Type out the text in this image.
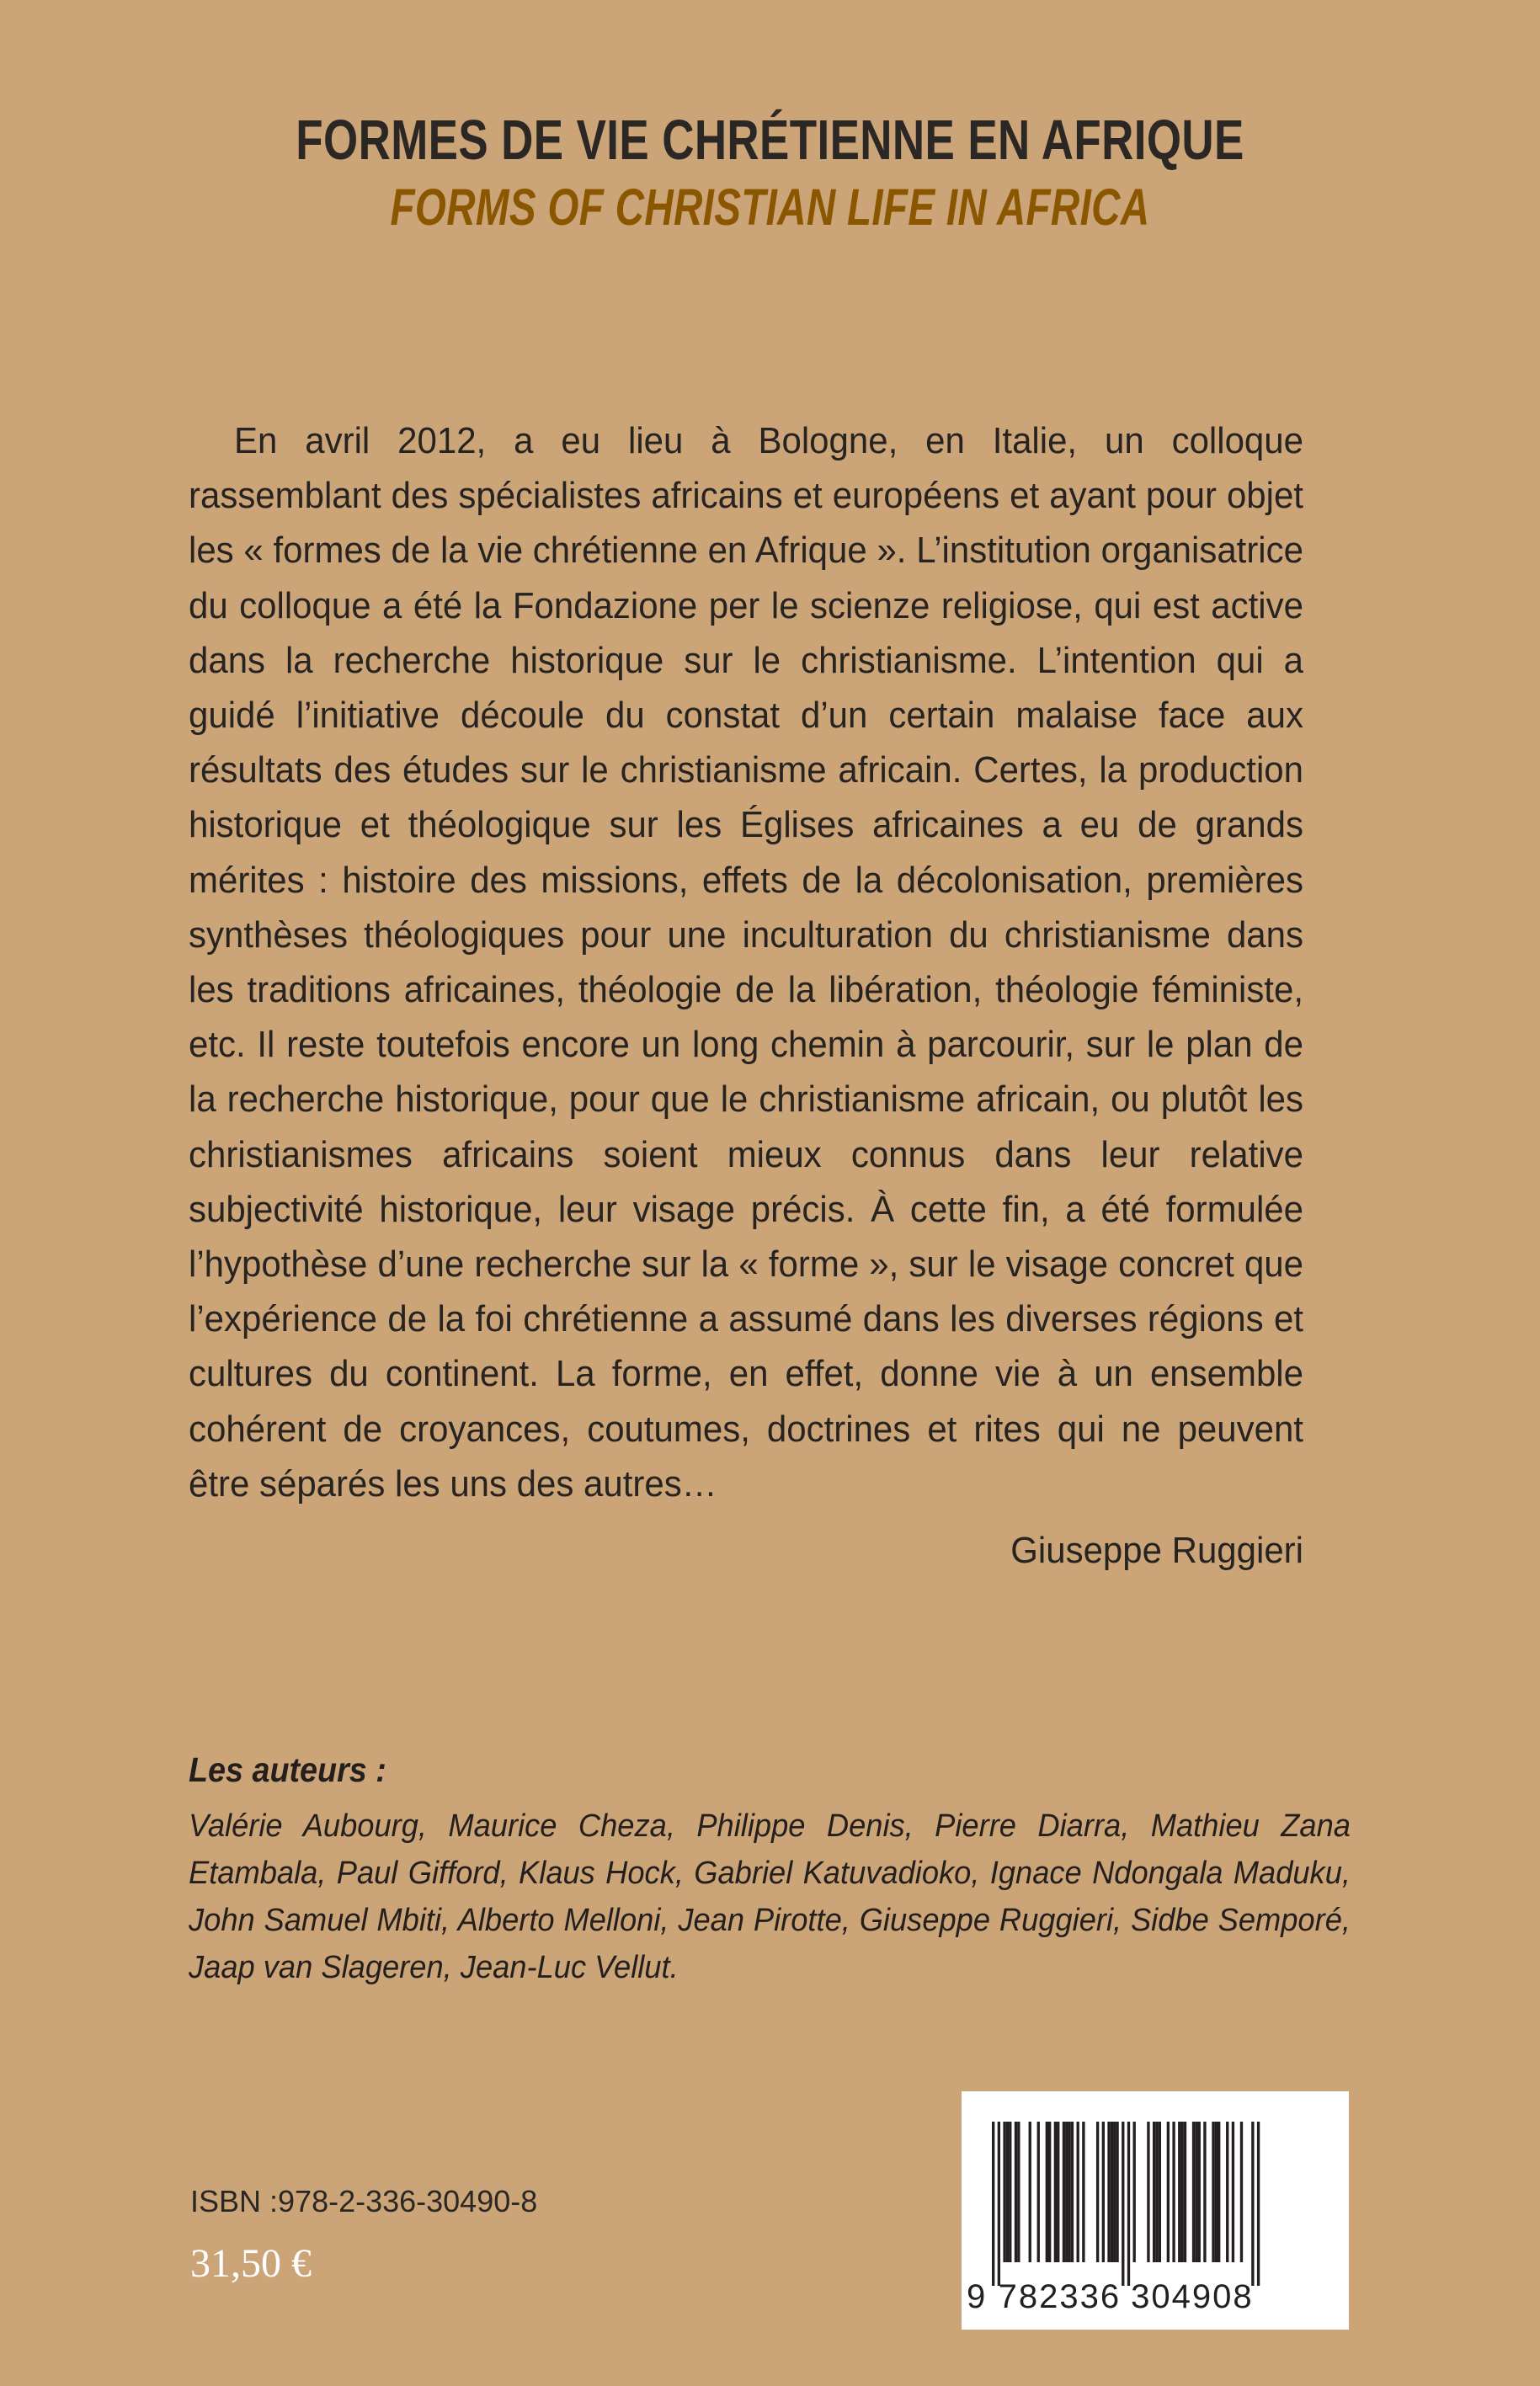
FORMES DE VIE CHRÉTIENNE EN AFRIQUE
FORMS OF CHRISTIAN LIFE IN AFRICA
En avril 2012, a eu lieu à Bologne, en Italie, un colloque rassemblant des spécialistes africains et européens et ayant pour objet les « formes de la vie chrétienne en Afrique ». L’institution organisatrice du colloque a été la Fondazione per le scienze religiose, qui est active dans la recherche historique sur le christianisme. L’intention qui a guidé l’initiative découle du constat d’un certain malaise face aux résultats des études sur le christianisme africain. Certes, la production historique et théologique sur les Églises africaines a eu de grands mérites : histoire des missions, effets de la décolonisation, premières synthèses théologiques pour une inculturation du christianisme dans les traditions africaines, théologie de la libération, théologie féministe, etc. Il reste toutefois encore un long chemin à parcourir, sur le plan de la recherche historique, pour que le christianisme africain, ou plutôt les christianismes africains soient mieux connus dans leur relative subjectivité historique, leur visage précis. À cette fin, a été formulée l’hypothèse d’une recherche sur la « forme », sur le visage concret que l’expérience de la foi chrétienne a assumé dans les diverses régions et cultures du continent. La forme, en effet, donne vie à un ensemble cohérent de croyances, coutumes, doctrines et rites qui ne peuvent être séparés les uns des autres…
Giuseppe Ruggieri
Les auteurs :
Valérie Aubourg, Maurice Cheza, Philippe Denis, Pierre Diarra, Mathieu Zana Etambala, Paul Gifford, Klaus Hock, Gabriel Katuvadioko, Ignace Ndongala Maduku, John Samuel Mbiti, Alberto Melloni, Jean Pirotte, Giuseppe Ruggieri, Sidbe Semporé, Jaap van Slageren, Jean-Luc Vellut.
ISBN :978-2-336-30490-8
31,50 €
9 782336 304908
